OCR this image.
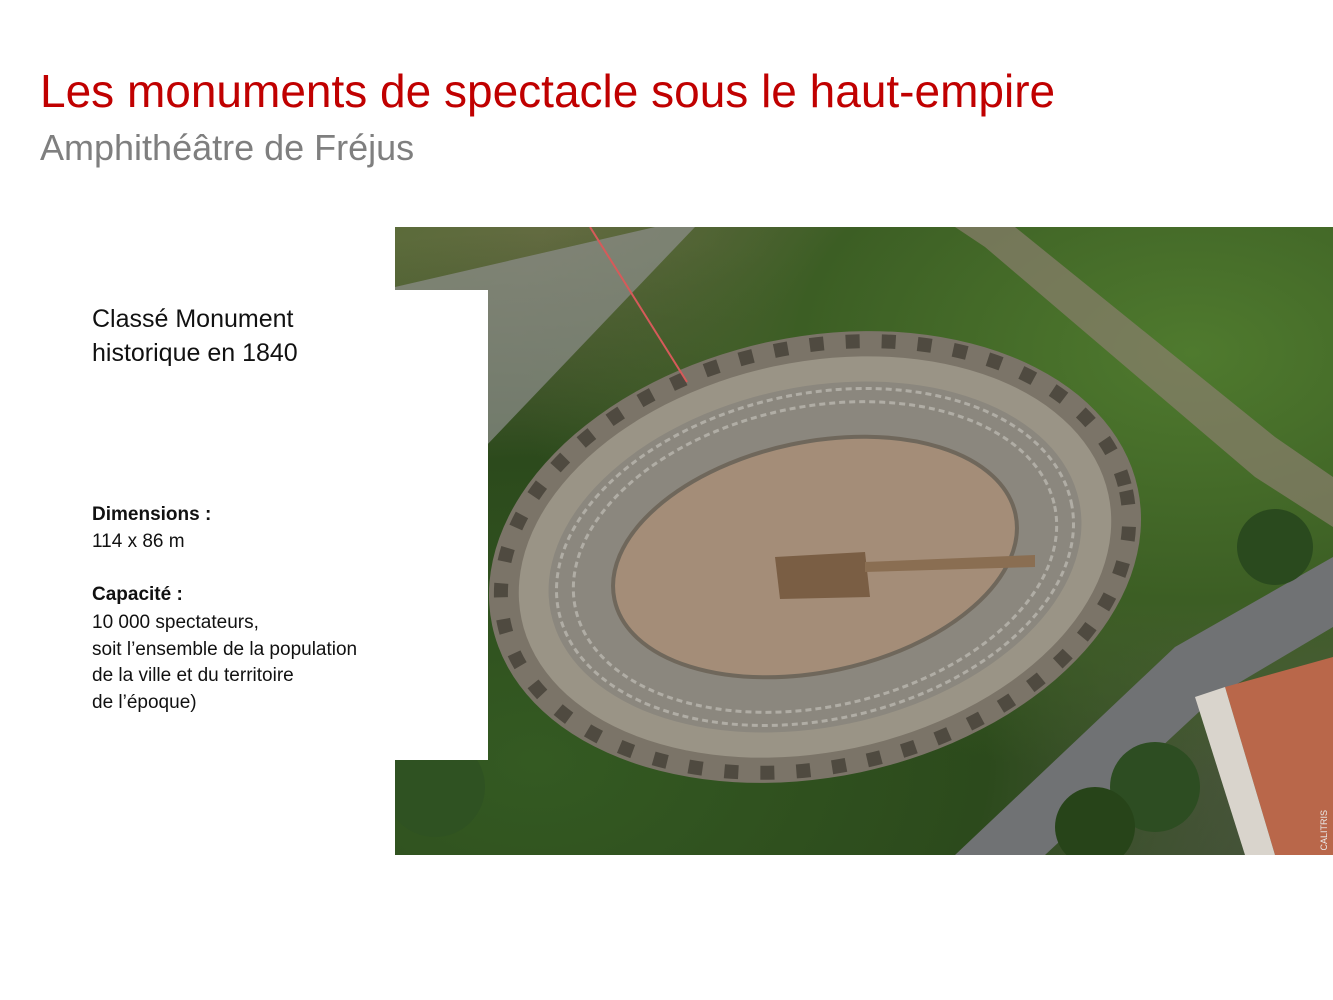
Les monuments de spectacle sous le haut-empire
Amphithéâtre de Fréjus
CALITRIS
Classé Monument
historique en 1840
Dimensions :
114 x 86 m
Capacité :
10 000 spectateurs,
soit l’ensemble de la population
de la ville et du territoire
de l’époque)
